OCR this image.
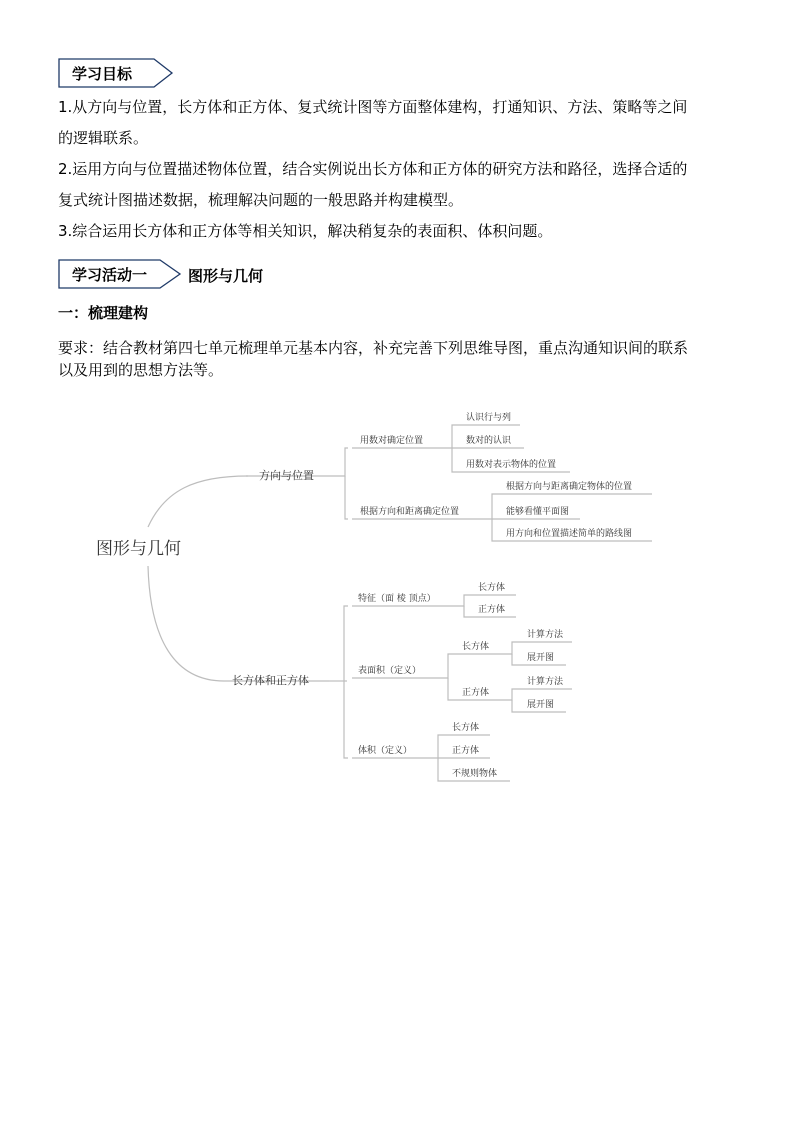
学习目标
1.从方向与位置，长方体和正方体、复式统计图等方面整体建构，打通知识、方法、策略等之间
的逻辑联系。
2.运用方向与位置描述物体位置，结合实例说出长方体和正方体的研究方法和路径，选择合适的
复式统计图描述数据，梳理解决问题的一般思路并构建模型。
3.综合运用长方体和正方体等相关知识，解决稍复杂的表面积、体积问题。
学习活动一	图形与几何
一：梳理建构
要求：结合教材第四七单元梳理单元基本内容，补充完善下列思维导图，重点沟通知识间的联系
以及用到的思想方法等。
图形与几何
方向与位置
用数对确定位置
认识行与列
数对的认识
用数对表示物体的位置
根据方向和距离确定位置
根据方向与距离确定物体的位置
能够看懂平面图
用方向和位置描述简单的路线图
长方体和正方体
特征（面 棱 顶点）
长方体
正方体
表面积（定义）
长方体
计算方法
展开图
正方体
计算方法
展开图
体积（定义）
长方体
正方体
不规则物体
